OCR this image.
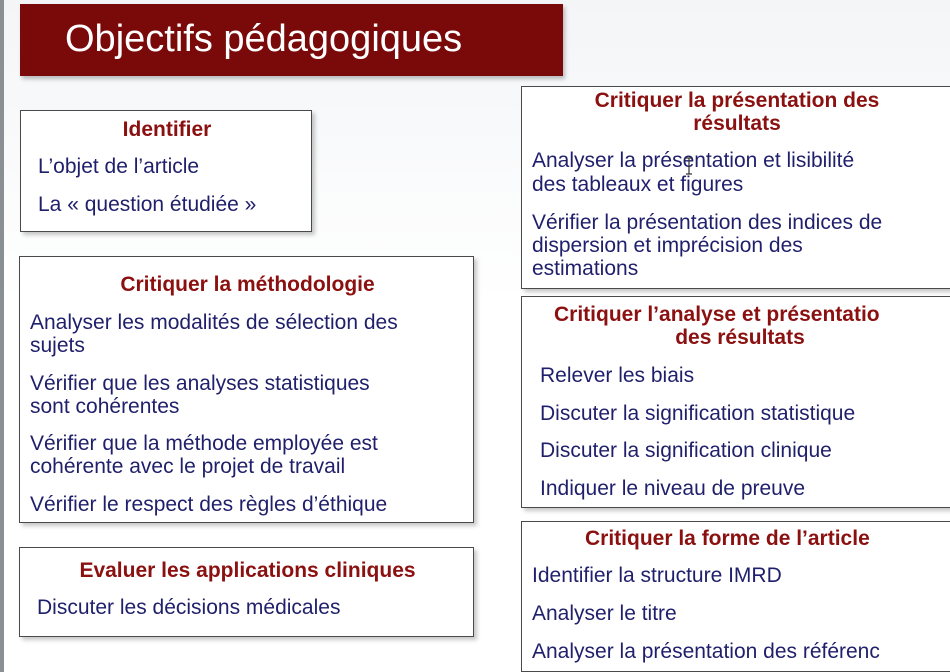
Objectifs pédagogiques
Identifier
L’objet de l’article
La « question étudiée »
Critiquer la méthodologie
Analyser les modalités de sélection des
sujets
Vérifier que les analyses statistiques
sont cohérentes
Vérifier que la méthode employée est
cohérente avec le projet de travail
Vérifier le respect des règles d’éthique
Evaluer les applications cliniques
Discuter les décisions médicales
Critiquer la présentation des
résultats
Analyser la présentation et lisibilité
des tableaux et figures
Vérifier la présentation des indices de
dispersion et imprécision des
estimations
Critiquer l’analyse et présentatio
des résultats
Relever les biais
Discuter la signification statistique
Discuter la signification clinique
Indiquer le niveau de preuve
Critiquer la forme de l’article
Identifier la structure IMRD
Analyser le titre
Analyser la présentation des référenc
